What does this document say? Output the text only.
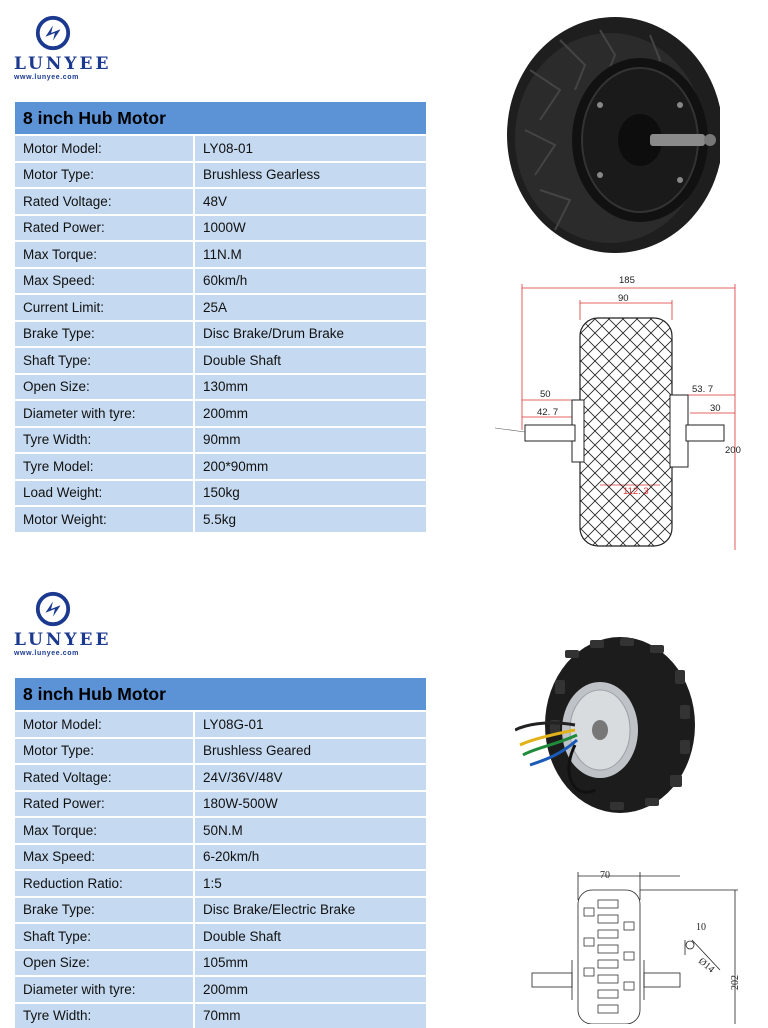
LUNYEE
www.lunyee.com
8 inch Hub Motor	
Motor Model:	LY08-01
Motor Type:	Brushless Gearless
Rated Voltage:	48V
Rated Power:	1000W
Max Torque:	11N.M
Max Speed:	60km/h
Current Limit:	25A
Brake Type:	Disc Brake/Drum Brake
Shaft Type:	Double Shaft
Open Size:	130mm
Diameter with tyre:	200mm
Tyre Width:	90mm
Tyre Model:	200*90mm
Load Weight:	150kg
Motor Weight:	5.5kg
185
90
50
42. 7
53. 7
30
200
112. 3
LUNYEE
www.lunyee.com
8 inch Hub Motor	
Motor Model:	LY08G-01
Motor Type:	Brushless Geared
Rated Voltage:	24V/36V/48V
Rated Power:	180W-500W
Max Torque:	50N.M
Max Speed:	6-20km/h
Reduction Ratio:	1:5
Brake Type:	Disc Brake/Electric Brake
Shaft Type:	Double Shaft
Open Size:	105mm
Diameter with tyre:	200mm
Tyre Width:	70mm
70
10
Ø14
202
